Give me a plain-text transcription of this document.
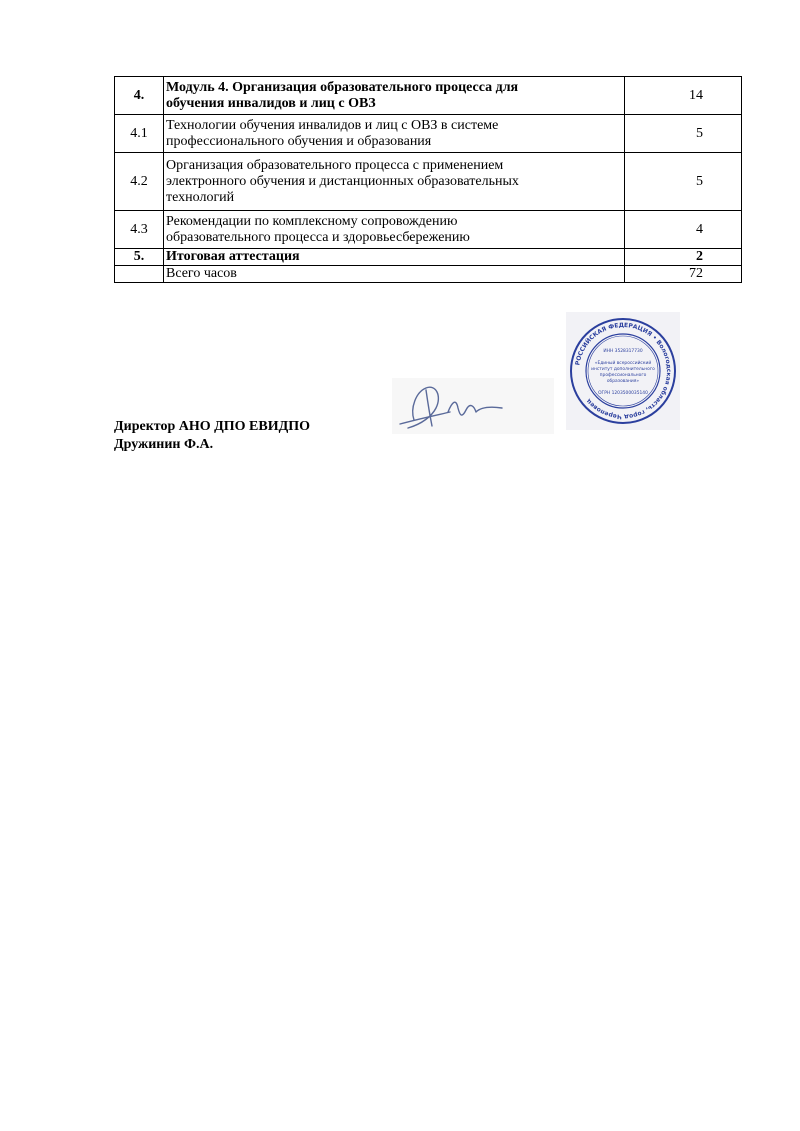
4.	Модуль 4. Организация образовательного процесса для обучения инвалидов и лиц с ОВЗ	14
4.1	Технологии обучения инвалидов и лиц с ОВЗ в системе профессионального обучения и образования	5
4.2	Организация образовательного процесса с применением электронного обучения и дистанционных образовательных технологий	5
4.3	Рекомендации по комплексному сопровождению образовательного процесса и здоровьесбережению	4
5.	Итоговая аттестация	2
	Всего часов	72
РОССИЙСКАЯ ФЕДЕРАЦИЯ • Вологодская область, город Череповец
ИНН 3528317730
«Единый всероссийский
институт дополнительного
профессионального
образования»
ОГРН 1203500035140
Директор АНО ДПО ЕВИДПО
Дружинин Ф.А.
